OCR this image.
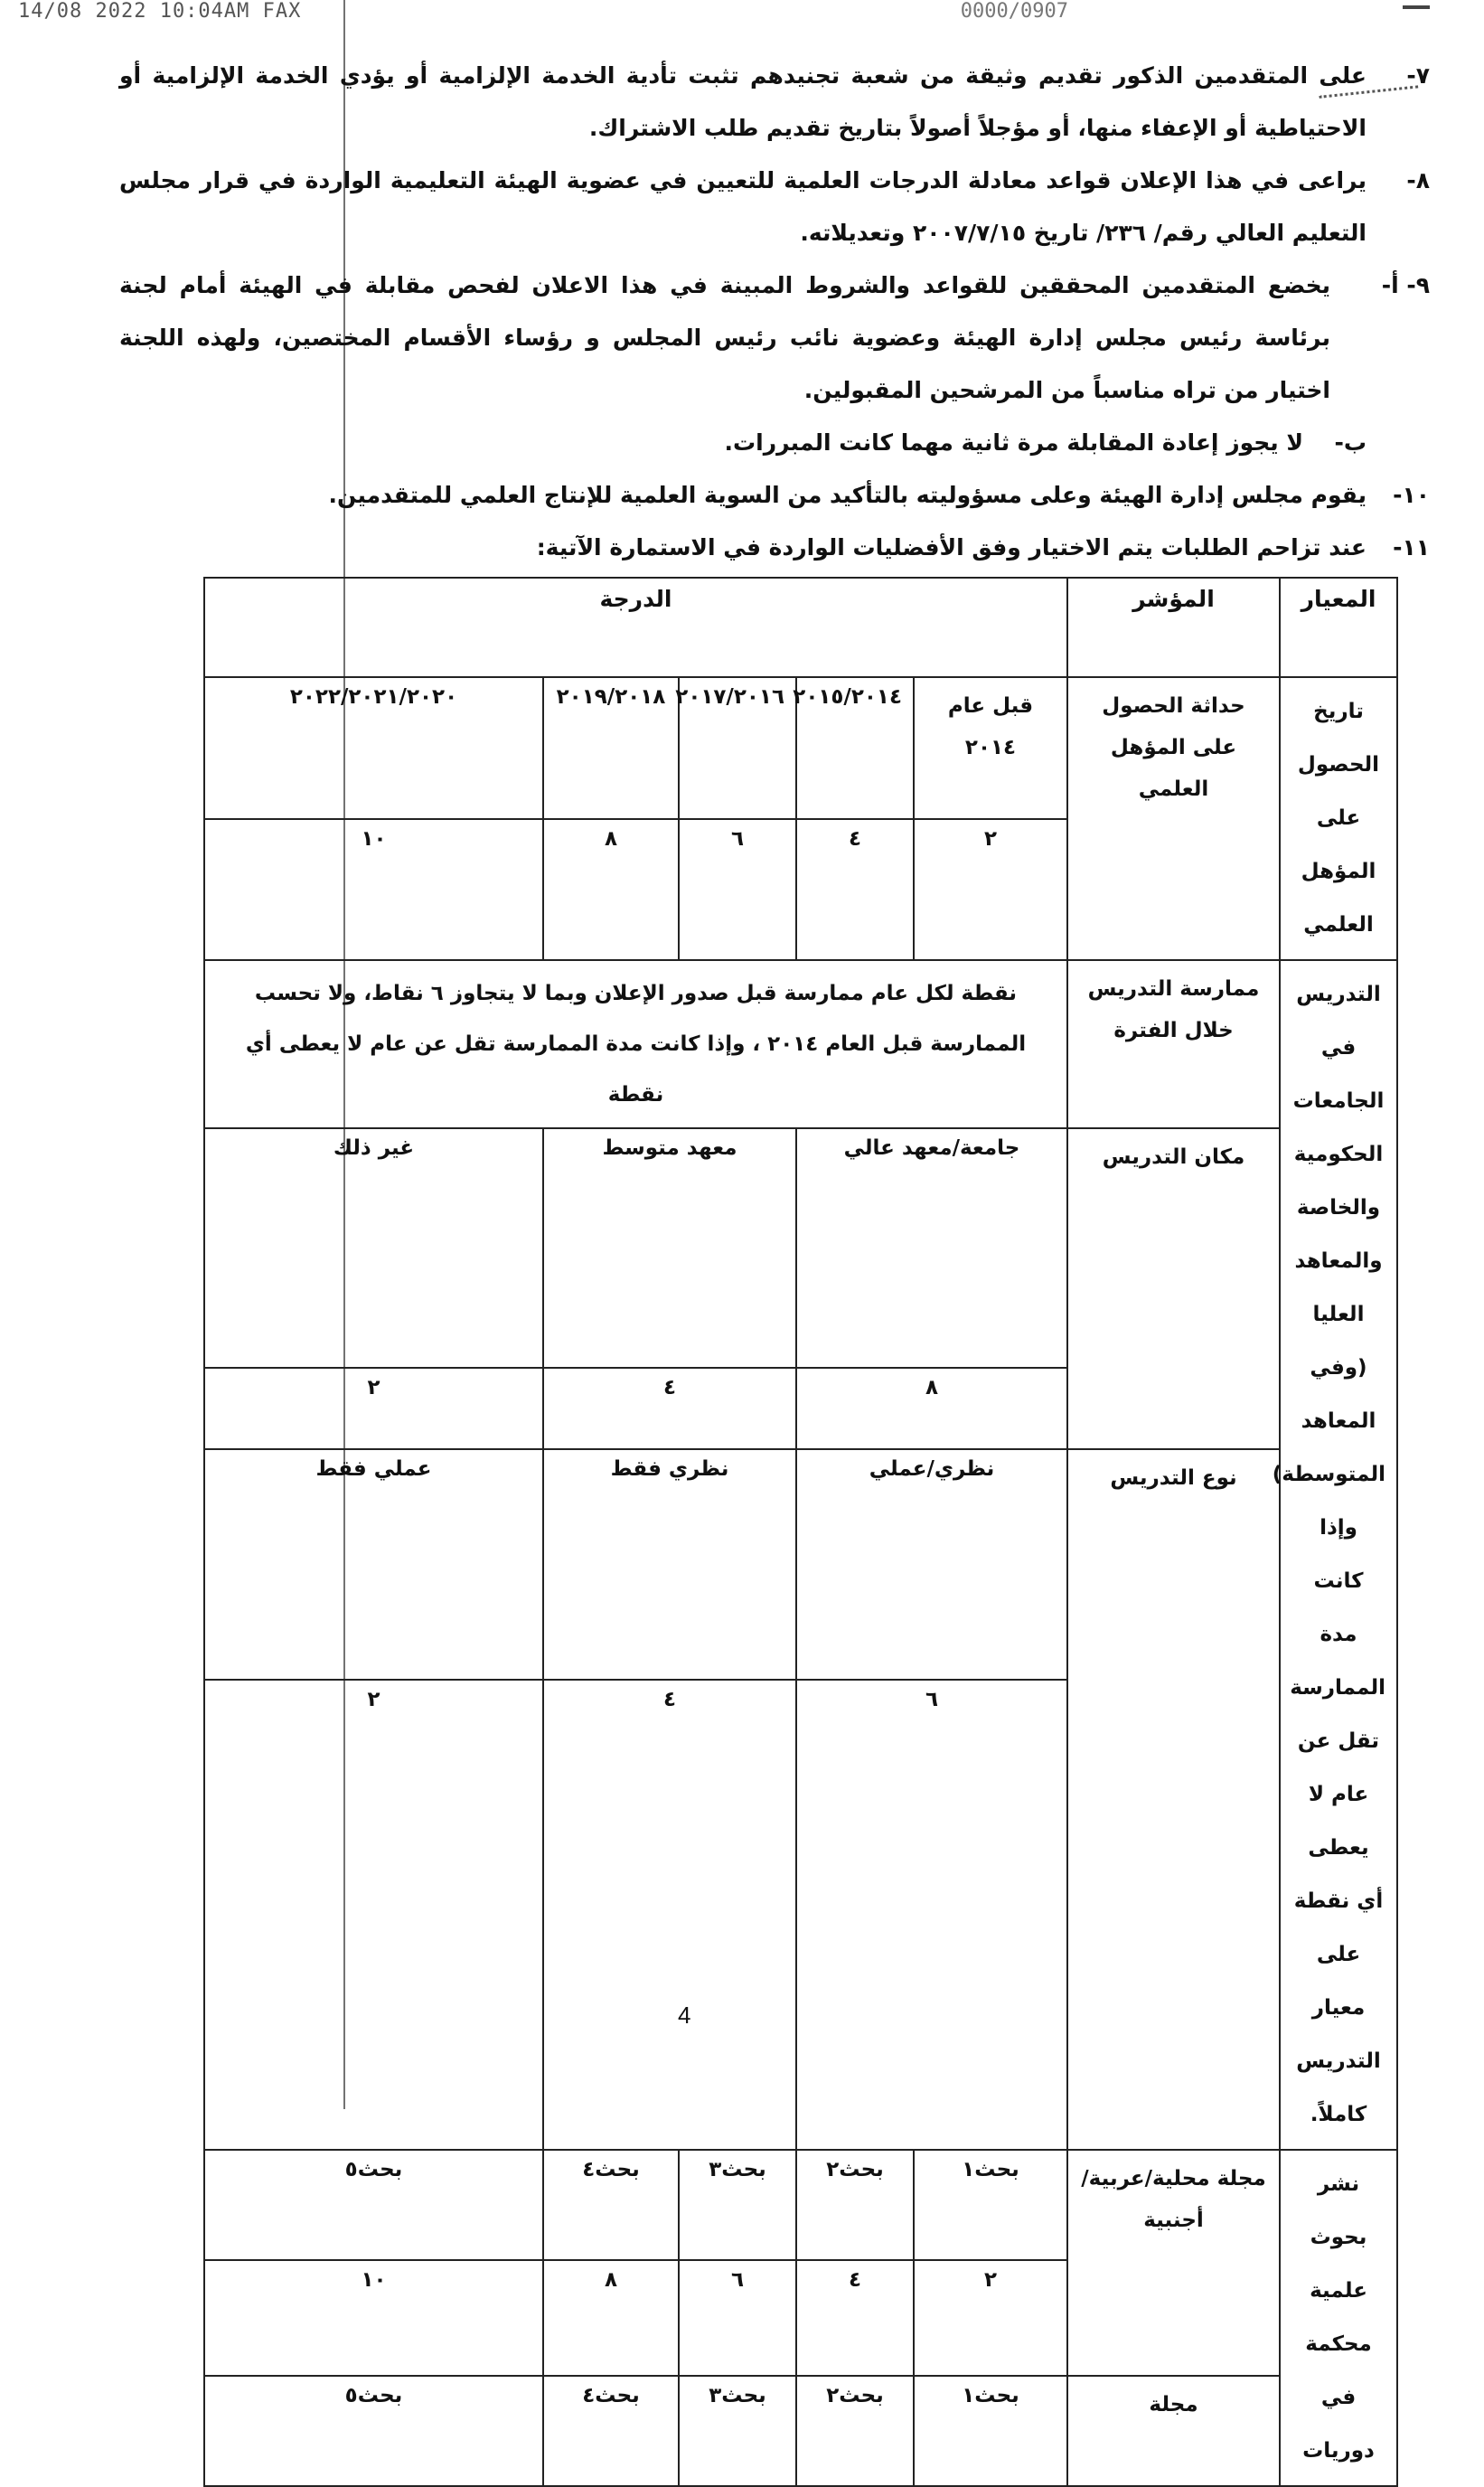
14/08 2022 10:04AM FAX	0000/0907
٧-
على المتقدمين الذكور تقديم وثيقة من شعبة تجنيدهم تثبت تأدية الخدمة الإلزامية أو يؤدي الخدمة الإلزامية أو الاحتياطية أو الإعفاء منها، أو مؤجلاً أصولاً بتاريخ تقديم طلب الاشتراك.
٨-
يراعى في هذا الإعلان قواعد معادلة الدرجات العلمية للتعيين في عضوية الهيئة التعليمية الواردة في قرار مجلس التعليم العالي رقم/ ٢٣٦/ تاريخ ٢٠٠٧/٧/١٥ وتعديلاته.
٩- أ-
يخضع المتقدمين المحققين للقواعد والشروط المبينة في هذا الاعلان لفحص مقابلة في الهيئة أمام لجنة برئاسة رئيس مجلس إدارة الهيئة وعضوية نائب رئيس المجلس و رؤساء الأقسام المختصين، ولهذه اللجنة اختيار من تراه مناسباً من المرشحين المقبولين.
ب-
لا يجوز إعادة المقابلة مرة ثانية مهما كانت المبررات.
١٠-
يقوم مجلس إدارة الهيئة وعلى مسؤوليته بالتأكيد من السوية العلمية للإنتاج العلمي للمتقدمين.
١١-
عند تزاحم الطلبات يتم الاختيار وفق الأفضليات الواردة في الاستمارة الآتية:
المعيار	المؤشر	الدرجة				
تاريخ الحصول على المؤهل العلمي	حداثة الحصول على المؤهل العلمي	قبل عام ٢٠١٤	٢٠١٥/٢٠١٤	٢٠١٧/٢٠١٦	٢٠١٩/٢٠١٨	٢٠٢٢/٢٠٢١/٢٠٢٠
		٢	٤	٦	٨	١٠
التدريس في الجامعات الحكومية والخاصة والمعاهد العليا (وفي المعاهد المتوسطة) وإذا كانت مدة الممارسة تقل عن عام لا يعطى أي نقطة على معيار التدريس كاملاً.	ممارسة التدريس خلال الفترة	نقطة لكل عام ممارسة قبل صدور الإعلان وبما لا يتجاوز ٦ نقاط، ولا تحسب الممارسة قبل العام ٢٠١٤ ، وإذا كانت مدة الممارسة تقل عن عام لا يعطى أي نقطة				
	مكان التدريس	جامعة/معهد عالي		معهد متوسط		غير ذلك
		٨		٤		٢
	نوع التدريس	نظري/عملي		نظري فقط		عملي فقط
		٦		٤		٢
نشر بحوث علمية محكمة في دوريات	مجلة محلية/عربية/أجنبية	بحث١	بحث٢	بحث٣	بحث٤	بحث٥
		٢	٤	٦	٨	١٠
	مجلة	بحث١	بحث٢	بحث٣	بحث٤	بحث٥
4
